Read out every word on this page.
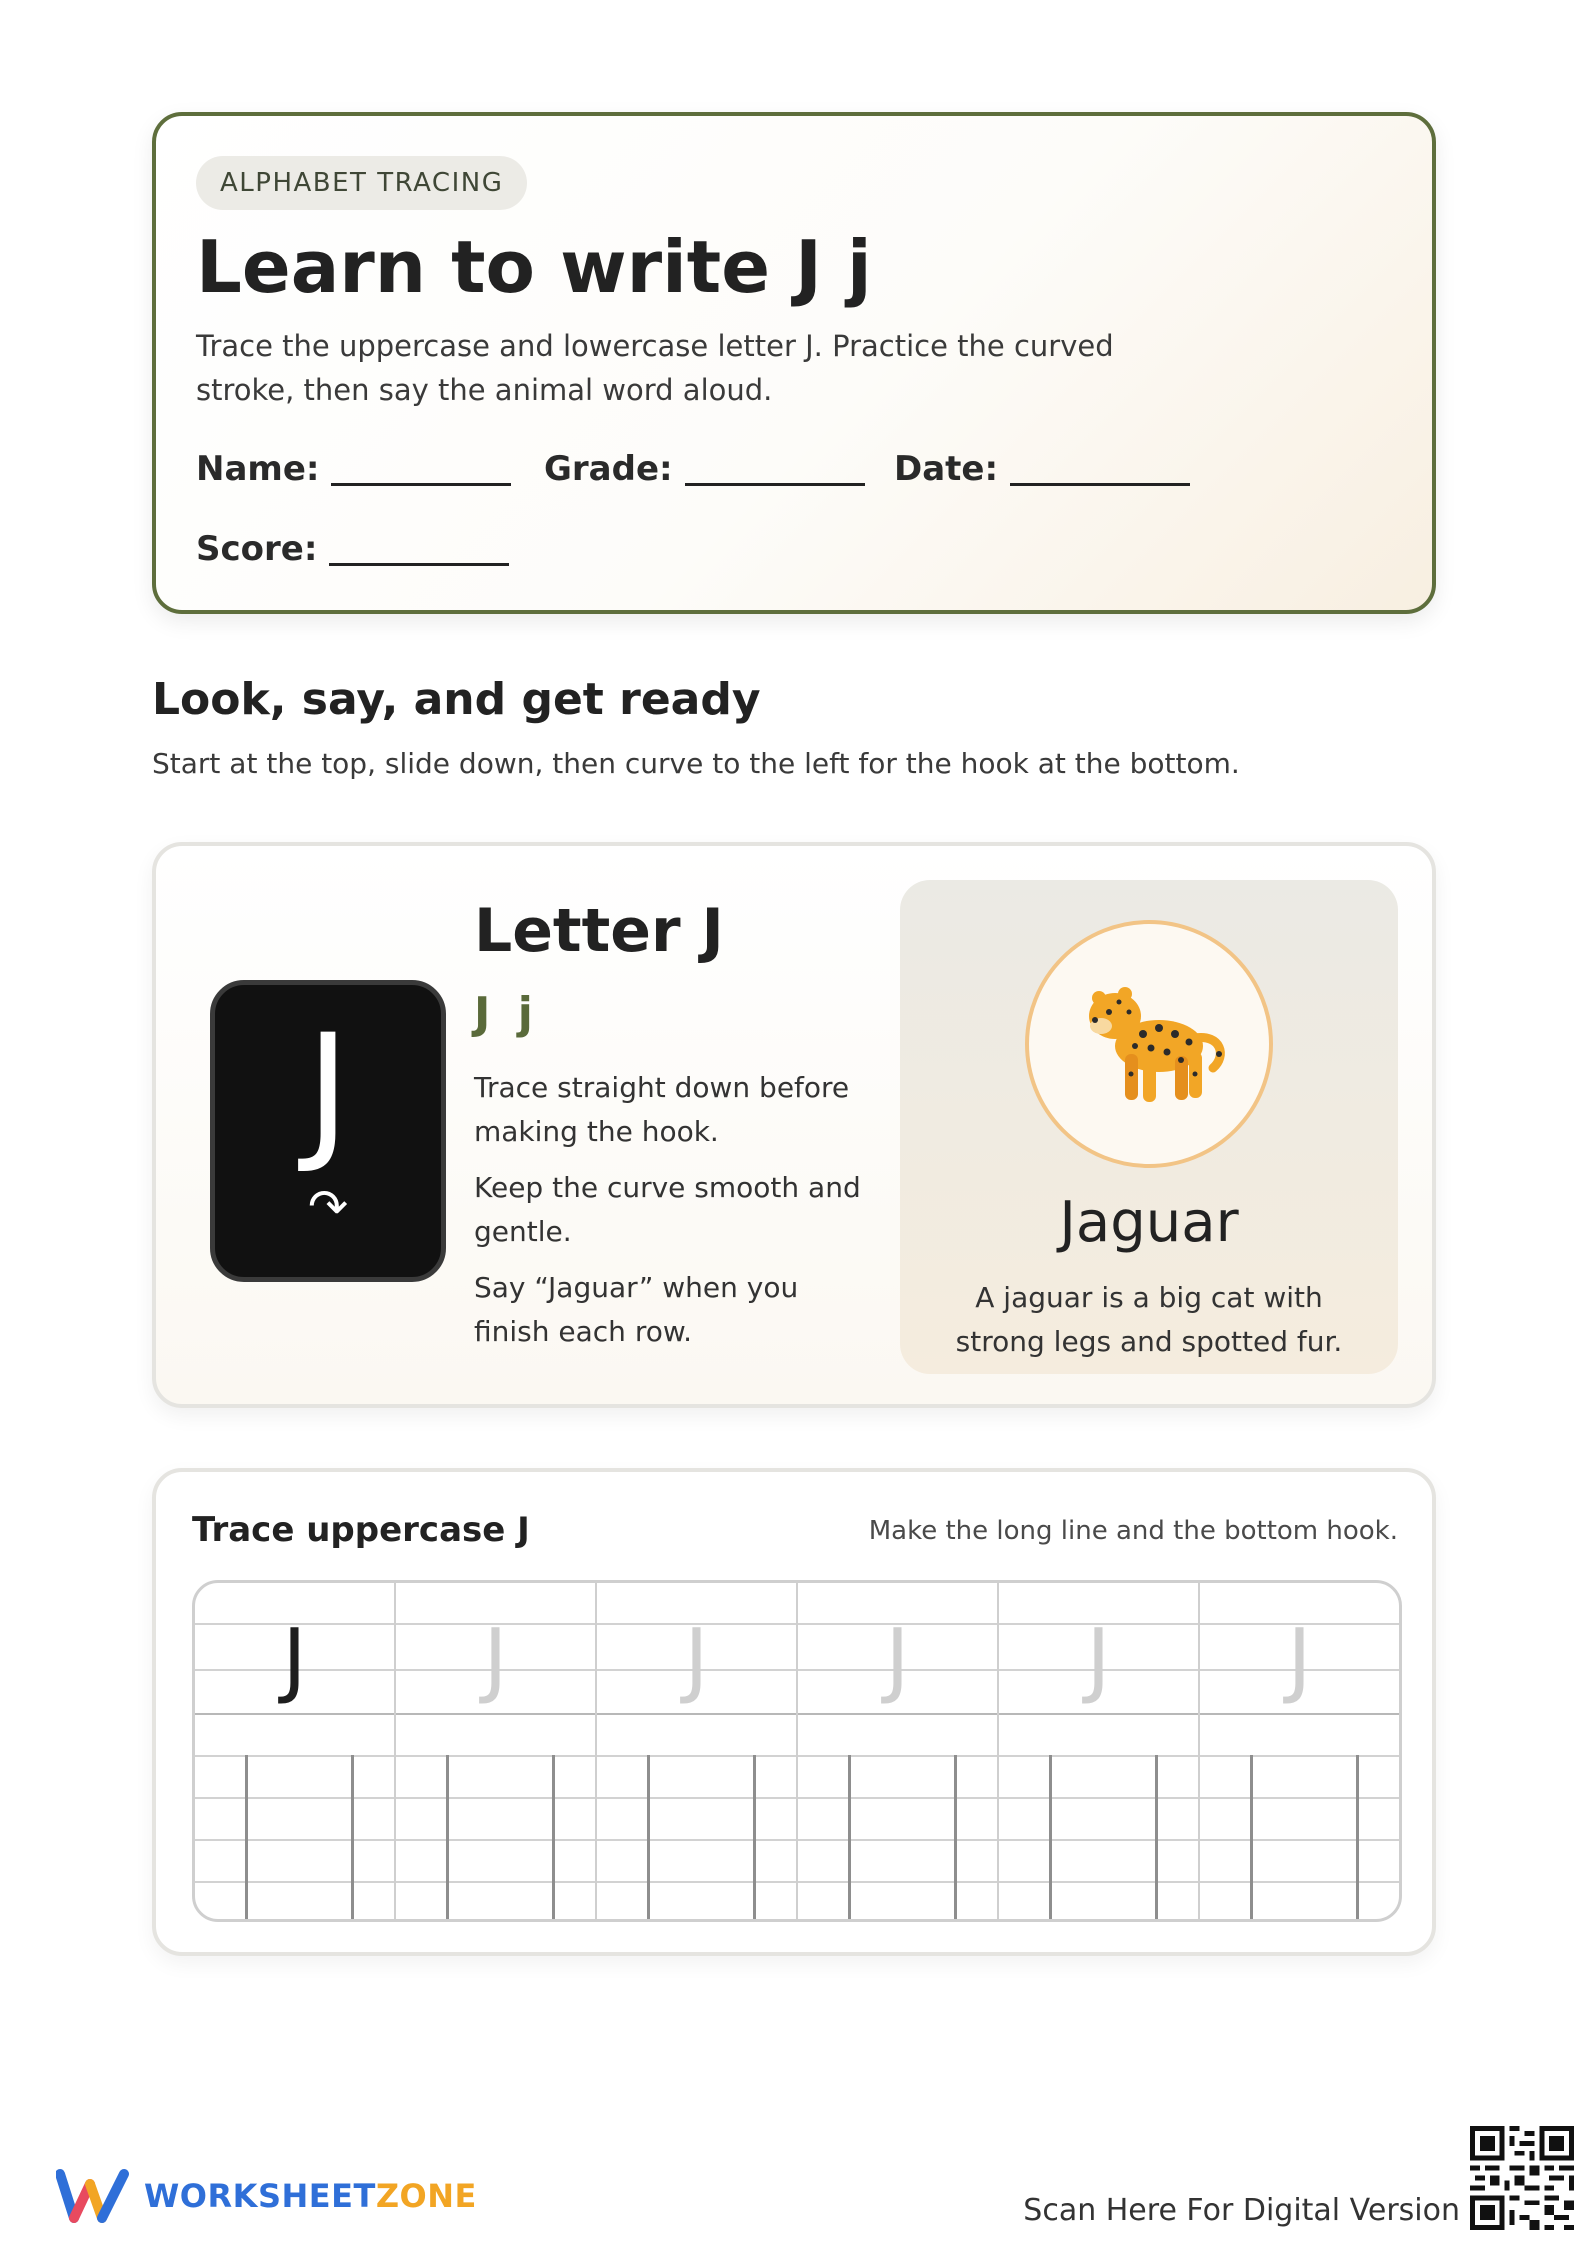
ALPHABET TRACING
Learn to write J j

Trace the uppercase and lowercase letter J. Practice the curved stroke, then say the animal word aloud.

Name:	Grade:	Date:
Score:
Look, say, and get ready

Start at the top, slide down, then curve to the left for the hook at the bottom.

J
↷
Letter J
J j
Trace straight down before making the hook.
Keep the curve smooth and gentle.
Say “Jaguar” when you finish each row.
Jaguar
A jaguar is a big cat with strong legs and spotted fur.
Trace uppercase J	Make the long line and the bottom hook.
J	J	J	J	J	J
WORKSHEETZONE	Scan Here For Digital Version
